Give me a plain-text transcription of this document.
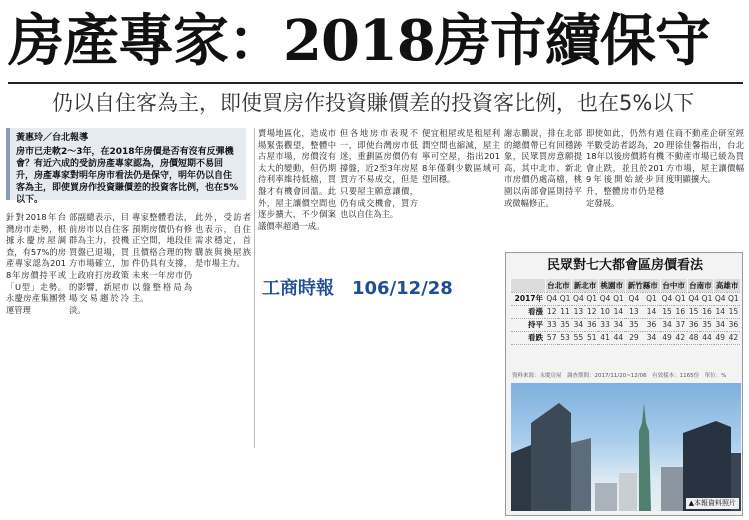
房產專家：2018房市續保守
仍以自住客為主，即使買房作投資賺價差的投資客比例，也在5%以下
黃惠玲／台北報導
房市已走軟2～3年，在2018年房價是否有沒有反彈機會？有近六成的受訪房產專家認為，房價短期不易回升，房產專家對明年房市看法仍是保守，明年仍以自住客為主，即使買房作投資賺價差的投資客比例，也在5%以下。
針對2018年台灣房市走勢，根據永慶房屋調查，有57%的房產專家認為2018年房價持平或「U型」走勢。永慶房產集團營運管理
部副總表示，目前房市以自住客群為主力，投機買盤已退場，買方市場確立，加上政府打房政策的影響，新屋市場交易趨於冷淡。
專家整體看法，預期房價仍有修正空間，地段佳且價格合理的物件仍具有支撐，未來一年房市仍以盤整格局為主。
此外，受訪者也表示，自住需求穩定，首購族與換屋族是市場主力。
賣場地區化，造成市場緊張觀望，整體中古屋市場，房價沒有太大的變動，但仍期待利率維持低檔，買盤才有機會回溫。此外，屋主讓價空間也逐步擴大，不少個案議價率超過一成。
但各地房市表現不一，即使台灣房市低迷，重劃區房價仍有撐盤，近2至3年房屋買方不易成交，但是只要屋主願意讓價，仍有成交機會，買方也以自住為主。
便宜租屋或是租屋利潤空間也縮減，屋主寧可空屋，指出2018年僅剩少數區域可望回穩。
謝志鵬說，排在北部的總價帶已有回穩跡象，民眾買房意願提高，其中北市、新北市房價仍處高檔，桃園以南部會區則持平或微幅修正。
即使如此，仍然有過半數受訪者認為，2018年以後房價將有機會止跌，並且於2019年後開始緩步回升，整體房市仍是穩定發展。
住商不動產企研室經理徐佳馨指出，台北不動產市場已緩為買方市場，屋主讓價幅度明顯擴大。
工商時報　106/12/28
民眾對七大都會區房價看法
	台北市		新北市		桃園市		新竹縣市		台中市		台南市		高雄市	
2017年	Q4	Q1	Q4	Q1	Q4	Q1	Q4	Q1	Q4	Q1	Q4	Q1	Q4	Q1
看漲	12	11	13	12	10	14	13	14	15	16	15	16	14	15
持平	33	35	34	36	33	34	35	36	34	37	36	35	34	36
看跌	57	53	55	51	41	44	29	34	49	42	48	44	49	42
資料來源：永慶房屋　調查期間：2017/11/20~12/06　有效樣本：1165份　單位：%
▲本報資料照片
